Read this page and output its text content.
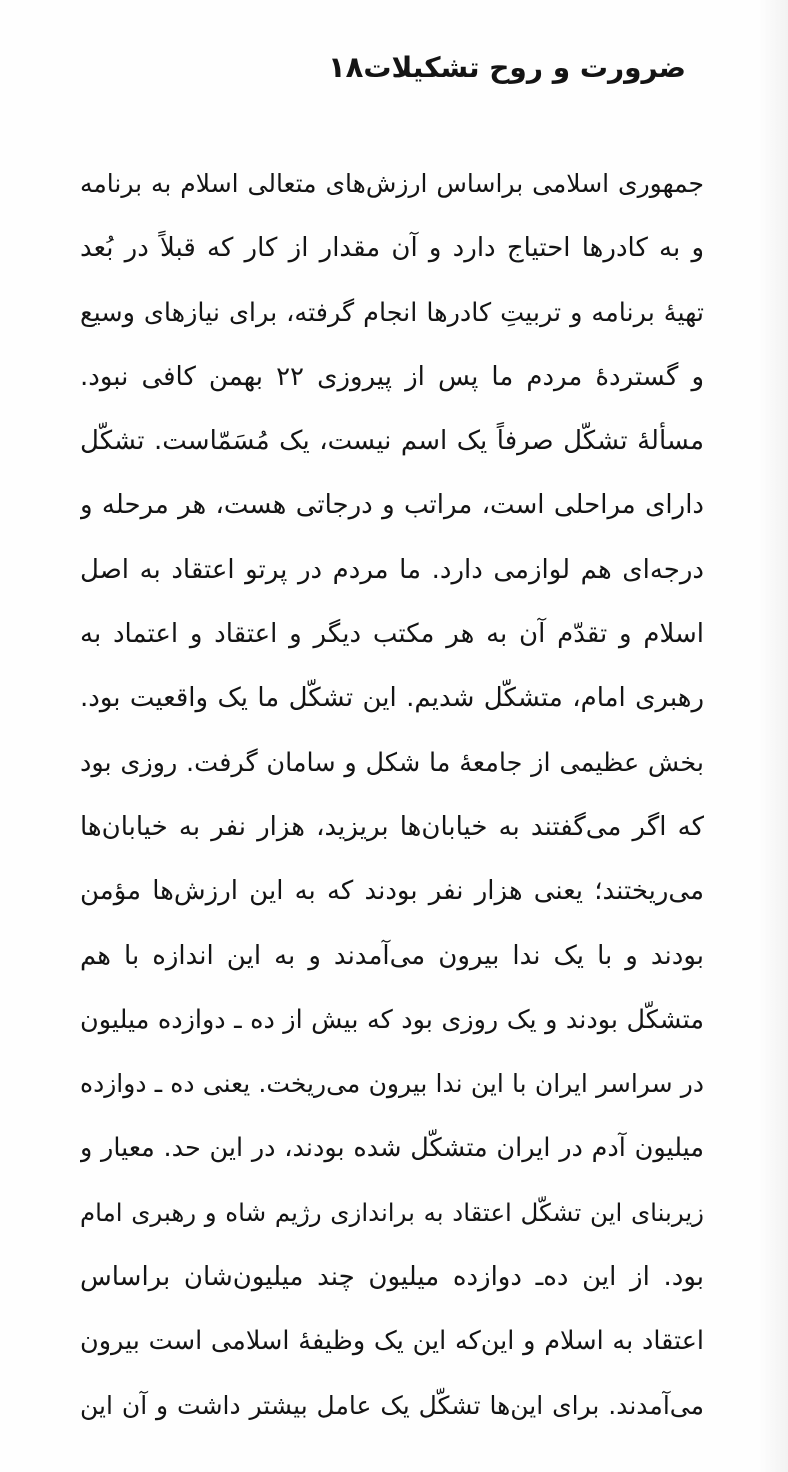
۱۸ ضرورت و روح تشکیلات
جمهوری اسلامی براساس ارزش‌های متعالی اسلام به برنامه
و به کادرها احتیاج دارد و آن مقدار از کار که قبلاً در بُعد
تهیهٔ برنامه و تربیتِ کادرها انجام گرفته، برای نیازهای وسیع
و گستردهٔ مردم ما پس از پیروزی ۲۲ بهمن کافی نبود.
مسألهٔ تشکّل صرفاً یک اسم نیست، یک مُسَمّاست. تشکّل
دارای مراحلی است، مراتب و درجاتی هست، هر مرحله و
درجه‌ای هم لوازمی دارد. ما مردم در پرتو اعتقاد به اصل
اسلام و تقدّم آن به هر مکتب دیگر و اعتقاد و اعتماد به
رهبری امام، متشکّل شدیم. این تشکّل ما یک واقعیت بود.
بخش عظیمی از جامعهٔ ما شکل و سامان گرفت. روزی بود
که اگر می‌گفتند به خیابان‌ها بریزید، هزار نفر به خیابان‌ها
می‌ریختند؛ یعنی هزار نفر بودند که به این ارزش‌ها مؤمن
بودند و با یک ندا بیرون می‌آمدند و به این اندازه با هم
متشکّل بودند و یک روزی بود که بیش از ده ـ دوازده میلیون
در سراسر ایران با این ندا بیرون می‌ریخت. یعنی ده ـ دوازده
میلیون آدم در ایران متشکّل شده بودند، در این حد. معیار و
زیربنای این تشکّل اعتقاد به براندازی رژیم شاه و رهبری امام
بود. از این ده‌ـ دوازده میلیون چند میلیون‌شان براساس
اعتقاد به اسلام و این‌که این یک وظیفهٔ اسلامی است بیرون
می‌آمدند. برای این‌ها تشکّل یک عامل بیشتر داشت و آن این
